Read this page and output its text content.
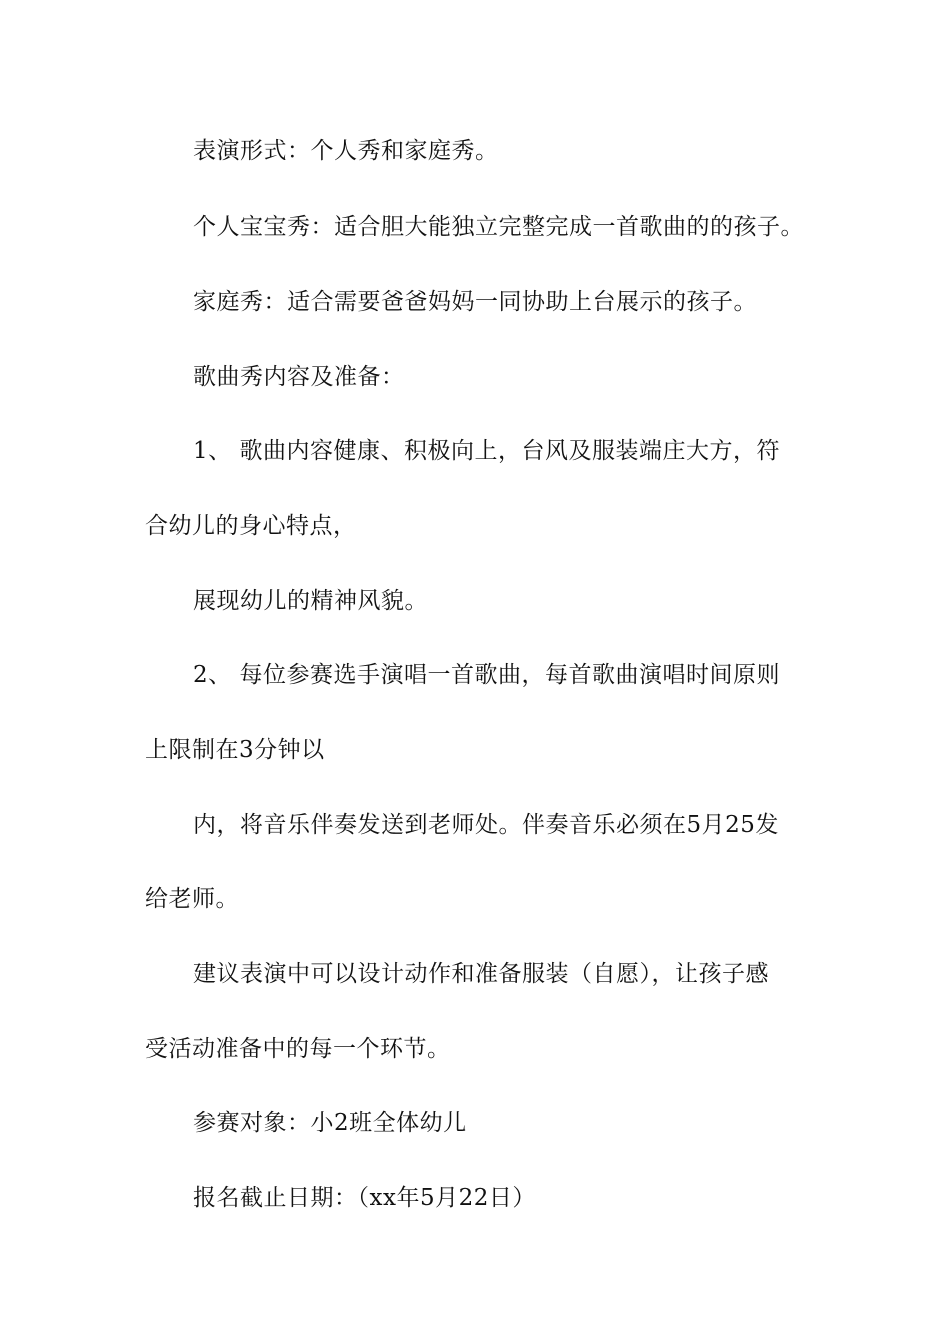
表演形式：个人秀和家庭秀。
个人宝宝秀：适合胆大能独立完整完成一首歌曲的的孩子。
家庭秀：适合需要爸爸妈妈一同协助上台展示的孩子。
歌曲秀内容及准备：
1、 歌曲内容健康、积极向上，台风及服装端庄大方，符
合幼儿的身心特点，
展现幼儿的精神风貌。
2、 每位参赛选手演唱一首歌曲，每首歌曲演唱时间原则
上限制在3分钟以
内，将音乐伴奏发送到老师处。伴奏音乐必须在5月25发
给老师。
建议表演中可以设计动作和准备服装（自愿），让孩子感
受活动准备中的每一个环节。
参赛对象：小2班全体幼儿
报名截止日期：（xx年5月22日）
